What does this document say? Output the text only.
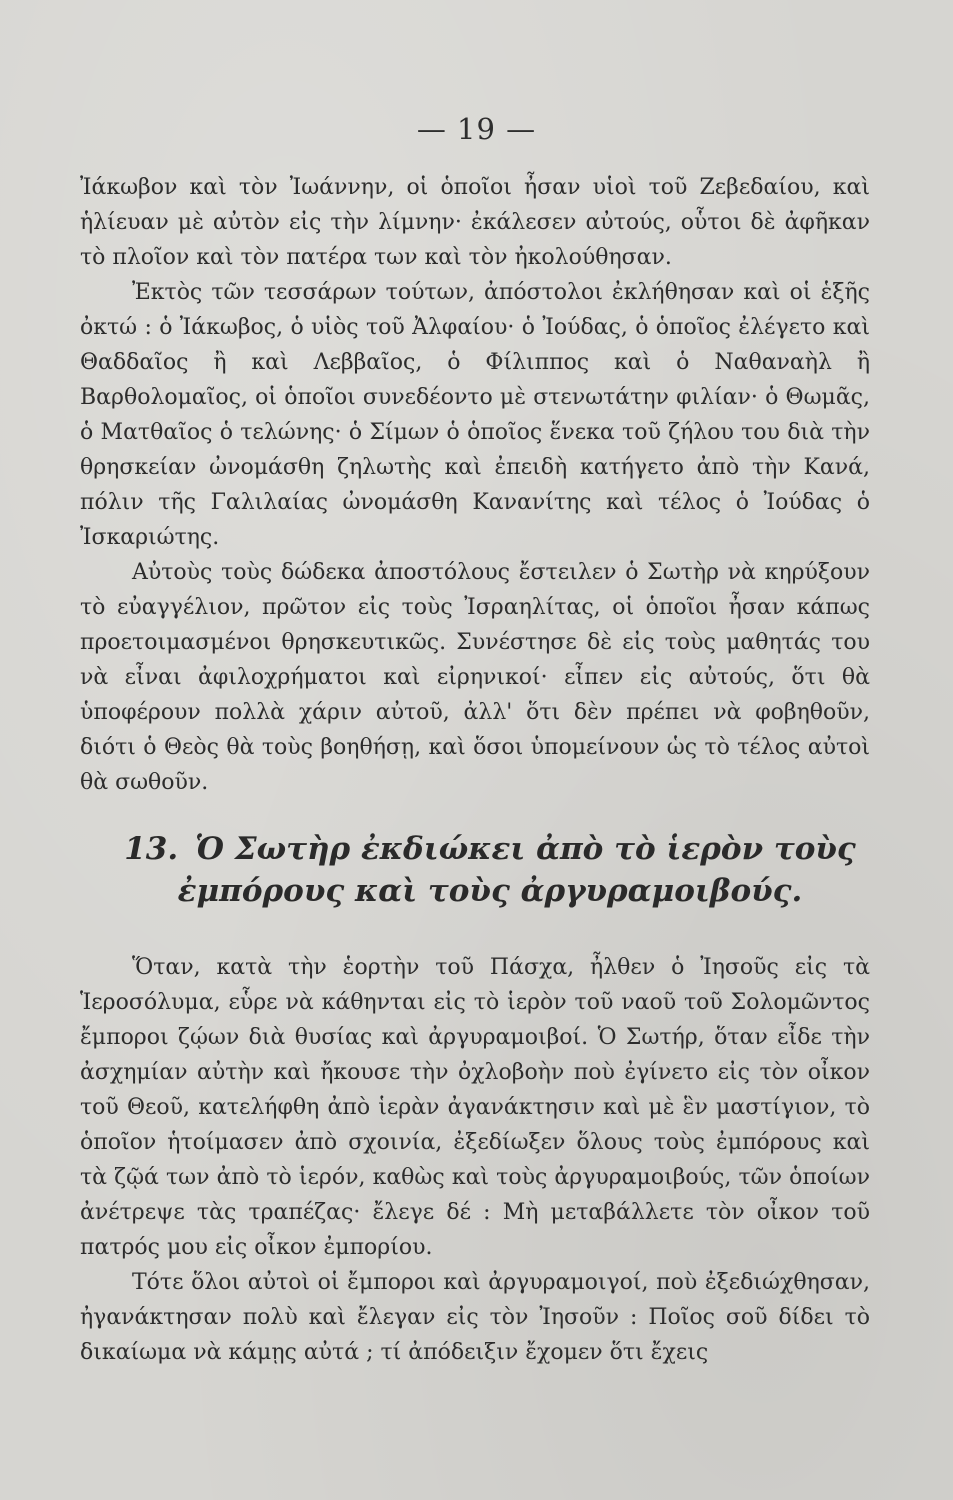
— 19 —

Ἰάκωβον καὶ τὸν Ἰωάννην, οἱ ὁποῖοι ἦσαν υἱοὶ τοῦ Ζεβεδαίου, καὶ ἡλίευαν μὲ αὐτὸν εἰς τὴν λίμνην· ἐκάλεσεν αὐτούς, οὗτοι δὲ ἀφῆκαν τὸ πλοῖον καὶ τὸν πατέρα των καὶ τὸν ἠκολούθησαν.

Ἐκτὸς τῶν τεσσάρων τούτων, ἀπόστολοι ἐκλήθησαν καὶ οἱ ἑξῆς ὀκτώ : ὁ Ἰάκωβος, ὁ υἱὸς τοῦ Ἀλφαίου· ὁ Ἰούδας, ὁ ὁποῖος ἐλέγετο καὶ Θαδδαῖος ἢ καὶ Λεββαῖος, ὁ Φίλιππος καὶ ὁ Ναθαναὴλ ἢ Βαρθολομαῖος, οἱ ὁποῖοι συνεδέοντο μὲ στενωτάτην φιλίαν· ὁ Θωμᾶς, ὁ Ματθαῖος ὁ τελώνης· ὁ Σίμων ὁ ὁποῖος ἕνεκα τοῦ ζήλου του διὰ τὴν θρησκείαν ὠνομάσθη ζηλωτὴς καὶ ἐπειδὴ κατήγετο ἀπὸ τὴν Κανά, πόλιν τῆς Γαλιλαίας ὠνομάσθη Κανανίτης καὶ τέλος ὁ Ἰούδας ὁ Ἰσκαριώτης.

Αὐτοὺς τοὺς δώδεκα ἀποστόλους ἔστειλεν ὁ Σωτὴρ νὰ κηρύξουν τὸ εὐαγγέλιον, πρῶτον εἰς τοὺς Ἰσραηλίτας, οἱ ὁποῖοι ἦσαν κάπως προετοιμασμένοι θρησκευτικῶς. Συνέστησε δὲ εἰς τοὺς μαθητάς του νὰ εἶναι ἀφιλοχρήματοι καὶ εἰρηνικοί· εἶπεν εἰς αὐτούς, ὅτι θὰ ὑποφέρουν πολλὰ χάριν αὐτοῦ, ἀλλ' ὅτι δὲν πρέπει νὰ φοβηθοῦν, διότι ὁ Θεὸς θὰ τοὺς βοηθήσῃ, καὶ ὅσοι ὑπομείνουν ὡς τὸ τέλος αὐτοὶ θὰ σωθοῦν.

13. Ὁ Σωτὴρ ἐκδιώκει ἀπὸ τὸ ἱερὸν τοὺς ἐμπόρους καὶ τοὺς ἀργυραμοιβούς.

Ὅταν, κατὰ τὴν ἑορτὴν τοῦ Πάσχα, ἦλθεν ὁ Ἰησοῦς εἰς τὰ Ἱεροσόλυμα, εὗρε νὰ κάθηνται εἰς τὸ ἱερὸν τοῦ ναοῦ τοῦ Σολομῶντος ἔμποροι ζῴων διὰ θυσίας καὶ ἀργυραμοιβοί. Ὁ Σωτήρ, ὅταν εἶδε τὴν ἀσχημίαν αὐτὴν καὶ ἤκουσε τὴν ὀχλοβοὴν ποὺ ἐγίνετο εἰς τὸν οἶκον τοῦ Θεοῦ, κατελήφθη ἀπὸ ἱερὰν ἀγανάκτησιν καὶ μὲ ἓν μαστίγιον, τὸ ὁποῖον ἡτοίμασεν ἀπὸ σχοινία, ἐξεδίωξεν ὅλους τοὺς ἐμπόρους καὶ τὰ ζῷά των ἀπὸ τὸ ἱερόν, καθὼς καὶ τοὺς ἀργυραμοιβούς, τῶν ὁποίων ἀνέτρεψε τὰς τραπέζας· ἔλεγε δέ : Μὴ μεταβάλλετε τὸν οἶκον τοῦ πατρός μου εἰς οἶκον ἐμπορίου.

Τότε ὅλοι αὐτοὶ οἱ ἔμποροι καὶ ἀργυραμοιγοί, ποὺ ἐξεδιώχθησαν, ἠγανάκτησαν πολὺ καὶ ἔλεγαν εἰς τὸν Ἰησοῦν : Ποῖος σοῦ δίδει τὸ δικαίωμα νὰ κάμῃς αὐτά ; τί ἀπόδειξιν ἔχομεν ὅτι ἔχεις
